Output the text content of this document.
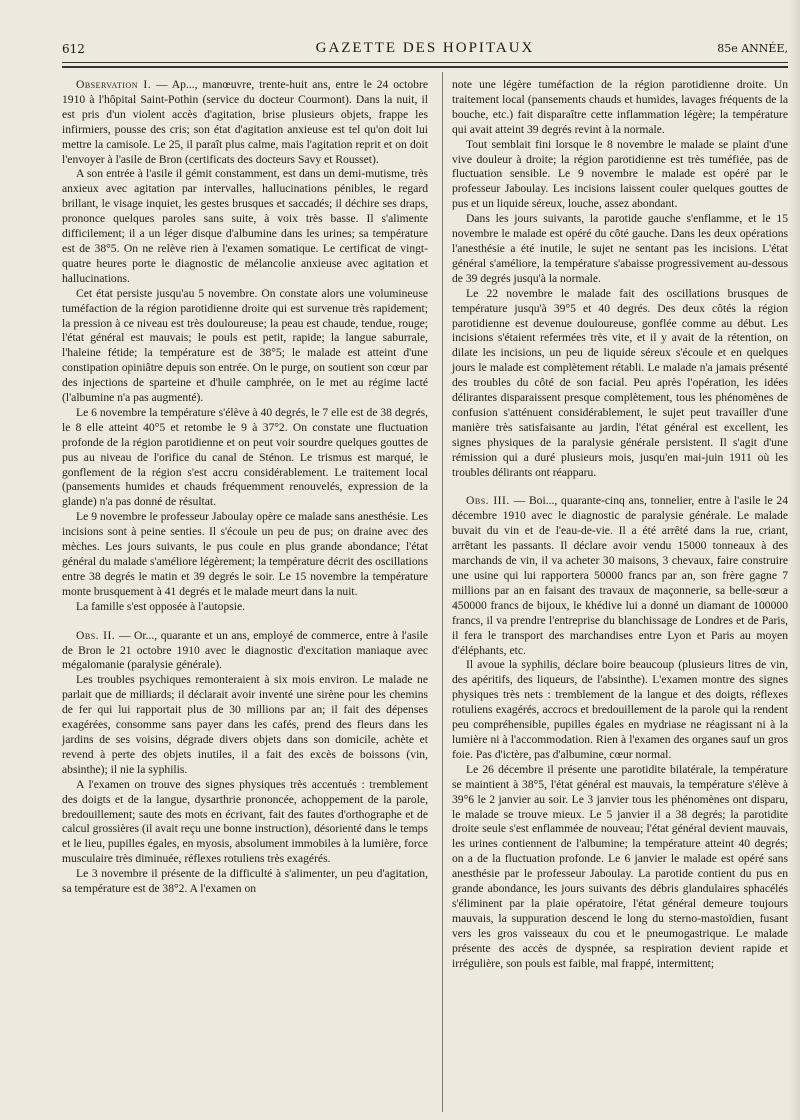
612	GAZETTE DES HOPITAUX	85e ANNÉE,

Observation I. — Ap..., manœuvre, trente-huit ans, entre le 24 octobre 1910 à l'hôpital Saint-Pothin (service du docteur Courmont). Dans la nuit, il est pris d'un violent accès d'agitation, brise plusieurs objets, frappe les infirmiers, pousse des cris; son état d'agitation anxieuse est tel qu'on doit lui mettre la camisole. Le 25, il paraît plus calme, mais l'agitation reprit et on doit l'envoyer à l'asile de Bron (certificats des docteurs Savy et Rousset).

A son entrée à l'asile il gémit constamment, est dans un demi-mutisme, très anxieux avec agitation par intervalles, hallucinations pénibles, le regard brillant, le visage inquiet, les gestes brusques et saccadés; il déchire ses draps, prononce quelques paroles sans suite, à voix très basse. Il s'alimente difficilement; il a un léger disque d'albumine dans les urines; sa température est de 38°5. On ne relève rien à l'examen somatique. Le certificat de vingt-quatre heures porte le diagnostic de mélancolie anxieuse avec agitation et hallucinations.

Cet état persiste jusqu'au 5 novembre. On constate alors une volumineuse tuméfaction de la région parotidienne droite qui est survenue très rapidement; la pression à ce niveau est très douloureuse; la peau est chaude, tendue, rouge; l'état général est mauvais; le pouls est petit, rapide; la langue saburrale, l'haleine fétide; la température est de 38°5; le malade est atteint d'une constipation opiniâtre depuis son entrée. On le purge, on soutient son cœur par des injections de sparteine et d'huile camphrée, on le met au régime lacté (l'albumine n'a pas augmenté).

Le 6 novembre la température s'élève à 40 degrés, le 7 elle est de 38 degrés, le 8 elle atteint 40°5 et retombe le 9 à 37°2. On constate une fluctuation profonde de la région parotidienne et on peut voir sourdre quelques gouttes de pus au niveau de l'orifice du canal de Sténon. Le trismus est marqué, le gonflement de la région s'est accru considérablement. Le traitement local (pansements humides et chauds fréquemment renouvelés, expression de la glande) n'a pas donné de résultat.

Le 9 novembre le professeur Jaboulay opère ce malade sans anesthésie. Les incisions sont à peine senties. Il s'écoule un peu de pus; on draine avec des mèches. Les jours suivants, le pus coule en plus grande abondance; l'état général du malade s'améliore légèrement; la température décrit des oscillations entre 38 degrés le matin et 39 degrés le soir. Le 15 novembre la température monte brusquement à 41 degrés et le malade meurt dans la nuit.

La famille s'est opposée à l'autopsie.

Obs. II. — Or..., quarante et un ans, employé de commerce, entre à l'asile de Bron le 21 octobre 1910 avec le diagnostic d'excitation maniaque avec mégalomanie (paralysie générale).

Les troubles psychiques remonteraient à six mois environ. Le malade ne parlait que de milliards; il déclarait avoir inventé une sirène pour les chemins de fer qui lui rapportait plus de 30 millions par an; il fait des dépenses exagérées, consomme sans payer dans les cafés, prend des fleurs dans les jardins de ses voisins, dégrade divers objets dans son domicile, achète et revend à perte des objets inutiles, il a fait des excès de boissons (vin, absinthe); il nie la syphilis.

A l'examen on trouve des signes physiques très accentués : tremblement des doigts et de la langue, dysarthrie prononcée, achoppement de la parole, bredouillement; saute des mots en écrivant, fait des fautes d'orthographe et de calcul grossières (il avait reçu une bonne instruction), désorienté dans le temps et le lieu, pupilles égales, en myosis, absolument immobiles à la lumière, force musculaire très diminuée, réflexes rotuliens très exagérés.

Le 3 novembre il présente de la difficulté à s'alimenter, un peu d'agitation, sa température est de 38°2. A l'examen on

note une légère tuméfaction de la région parotidienne droite. Un traitement local (pansements chauds et humides, lavages fréquents de la bouche, etc.) fait disparaître cette inflammation légère; la température qui avait atteint 39 degrés revint à la normale.

Tout semblait fini lorsque le 8 novembre le malade se plaint d'une vive douleur à droite; la région parotidienne est très tuméfiée, pas de fluctuation sensible. Le 9 novembre le malade est opéré par le professeur Jaboulay. Les incisions laissent couler quelques gouttes de pus et un liquide séreux, louche, assez abondant.

Dans les jours suivants, la parotide gauche s'enflamme, et le 15 novembre le malade est opéré du côté gauche. Dans les deux opérations l'anesthésie a été inutile, le sujet ne sentant pas les incisions. L'état général s'améliore, la température s'abaisse progressivement au-dessous de 39 degrés jusqu'à la normale.

Le 22 novembre le malade fait des oscillations brusques de température jusqu'à 39°5 et 40 degrés. Des deux côtés la région parotidienne est devenue douloureuse, gonflée comme au début. Les incisions s'étaient refermées très vite, et il y avait de la rétention, on dilate les incisions, un peu de liquide séreux s'écoule et en quelques jours le malade est complètement rétabli. Le malade n'a jamais présenté des troubles du côté de son facial. Peu après l'opération, les idées délirantes disparaissent presque complètement, tous les phénomènes de confusion s'atténuent considérablement, le sujet peut travailler d'une manière très satisfaisante au jardin, l'état général est excellent, les signes physiques de la paralysie générale persistent. Il s'agit d'une rémission qui a duré plusieurs mois, jusqu'en mai-juin 1911 où les troubles délirants ont réapparu.

Obs. III. — Boi..., quarante-cinq ans, tonnelier, entre à l'asile le 24 décembre 1910 avec le diagnostic de paralysie générale. Le malade buvait du vin et de l'eau-de-vie. Il a été arrêté dans la rue, criant, arrêtant les passants. Il déclare avoir vendu 15000 tonneaux à des marchands de vin, il va acheter 30 maisons, 3 chevaux, faire construire une usine qui lui rapportera 50000 francs par an, son frère gagne 7 millions par an en faisant des travaux de maçonnerie, sa belle-sœur a 450000 francs de bijoux, le khédive lui a donné un diamant de 100000 francs, il va prendre l'entreprise du blanchissage de Londres et de Paris, il fera le transport des marchandises entre Lyon et Paris au moyen d'éléphants, etc.

Il avoue la syphilis, déclare boire beaucoup (plusieurs litres de vin, des apéritifs, des liqueurs, de l'absinthe). L'examen montre des signes physiques très nets : tremblement de la langue et des doigts, réflexes rotuliens exagérés, accrocs et bredouillement de la parole qui la rendent peu compréhensible, pupilles égales en mydriase ne réagissant ni à la lumière ni à l'accommodation. Rien à l'examen des organes sauf un gros foie. Pas d'ictère, pas d'albumine, cœur normal.

Le 26 décembre il présente une parotidite bilatérale, la température se maintient à 38°5, l'état général est mauvais, la température s'élève à 39°6 le 2 janvier au soir. Le 3 janvier tous les phénomènes ont disparu, le malade se trouve mieux. Le 5 janvier il a 38 degrés; la parotidite droite seule s'est enflammée de nouveau; l'état général devient mauvais, les urines contiennent de l'albumine; la température atteint 40 degrés; on a de la fluctuation profonde. Le 6 janvier le malade est opéré sans anesthésie par le professeur Jaboulay. La parotide contient du pus en grande abondance, les jours suivants des débris glandulaires sphacélés s'éliminent par la plaie opératoire, l'état général demeure toujours mauvais, la suppuration descend le long du sterno-mastoïdien, fusant vers les gros vaisseaux du cou et le pneumogastrique. Le malade présente des accès de dyspnée, sa respiration devient rapide et irrégulière, son pouls est faible, mal frappé, intermittent;
